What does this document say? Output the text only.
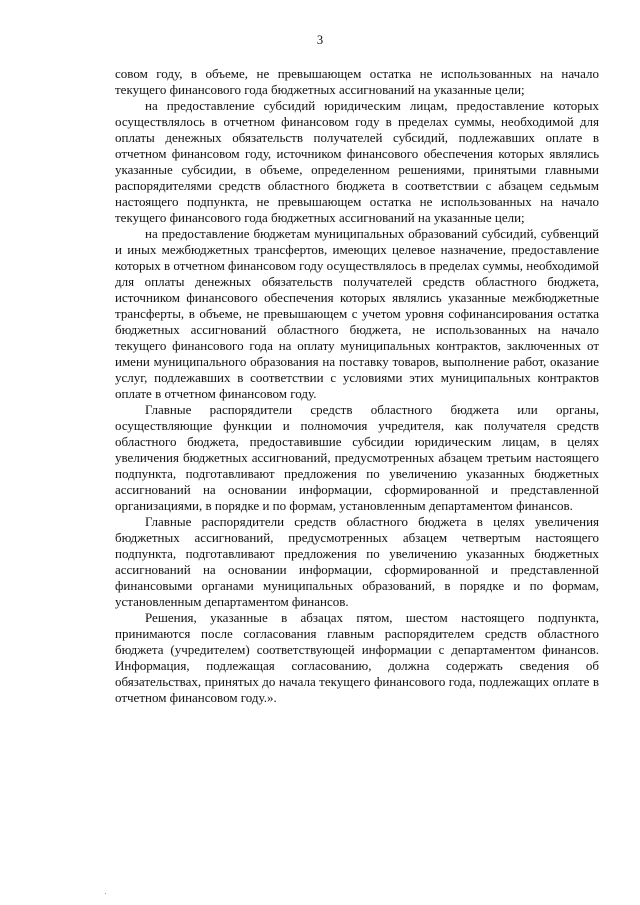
3

совом году, в объеме, не превышающем остатка не использованных на начало текущего финансового года бюджетных ассигнований на указанные цели;

на предоставление субсидий юридическим лицам, предоставление которых осуществлялось в отчетном финансовом году в пределах суммы, необходимой для оплаты денежных обязательств получателей субсидий, подлежавших оплате в отчетном финансовом году, источником финансового обеспечения которых являлись указанные субсидии, в объеме, определенном решениями, принятыми главными распорядителями средств областного бюджета в соответствии с абзацем седьмым настоящего подпункта, не превышающем остатка не использованных на начало текущего финансового года бюджетных ассигнований на указанные цели;

на предоставление бюджетам муниципальных образований субсидий, субвенций и иных межбюджетных трансфертов, имеющих целевое назначение, предоставление которых в отчетном финансовом году осуществлялось в пределах суммы, необходимой для оплаты денежных обязательств получателей средств областного бюджета, источником финансового обеспечения которых являлись указанные межбюджетные трансферты, в объеме, не превышающем с учетом уровня софинансирования остатка бюджетных ассигнований областного бюджета, не использованных на начало текущего финансового года на оплату муниципальных контрактов, заключенных от имени муниципального образования на поставку товаров, выполнение работ, оказание услуг, подлежавших в соответствии с условиями этих муниципальных контрактов оплате в отчетном финансовом году.

Главные распорядители средств областного бюджета или органы, осуществляющие функции и полномочия учредителя, как получателя средств областного бюджета, предоставившие субсидии юридическим лицам, в целях увеличения бюджетных ассигнований, предусмотренных абзацем третьим настоящего подпункта, подготавливают предложения по увеличению указанных бюджетных ассигнований на основании информации, сформированной и представленной организациями, в порядке и по формам, установленным департаментом финансов.

Главные распорядители средств областного бюджета в целях увеличения бюджетных ассигнований, предусмотренных абзацем четвертым настоящего подпункта, подготавливают предложения по увеличению указанных бюджетных ассигнований на основании информации, сформированной и представленной финансовыми органами муниципальных образований, в порядке и по формам, установленным департаментом финансов.

Решения, указанные в абзацах пятом, шестом настоящего подпункта, принимаются после согласования главным распорядителем средств областного бюджета (учредителем) соответствующей информации с департаментом финансов. Информация, подлежащая согласованию, должна содержать сведения об обязательствах, принятых до начала текущего финансового года, подлежащих оплате в отчетном финансовом году.».
